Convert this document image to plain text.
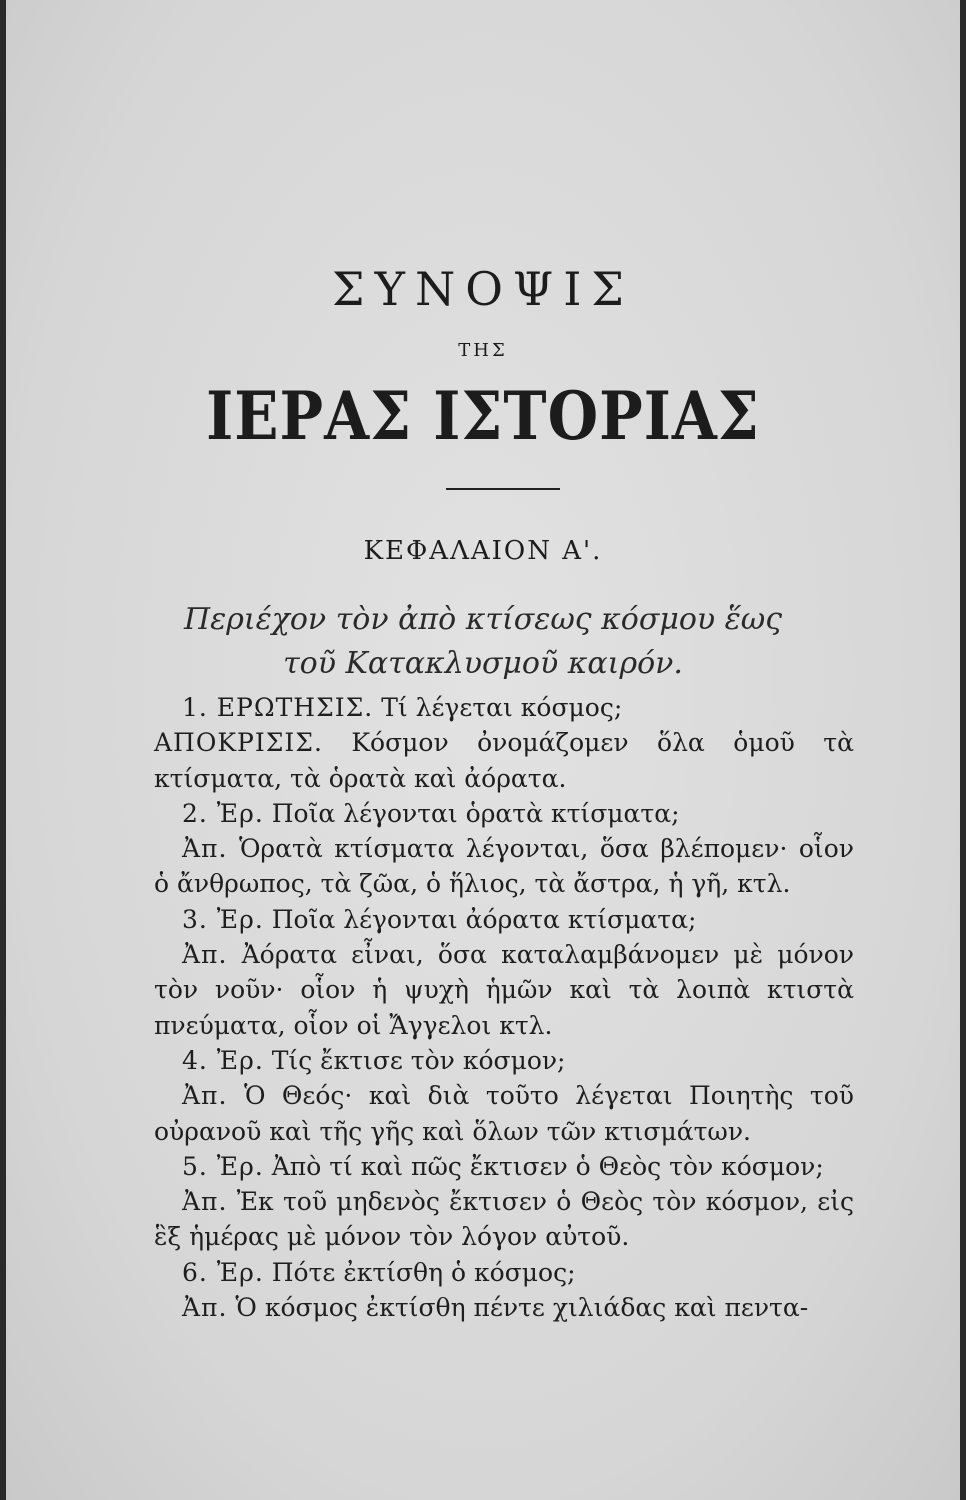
ΣΥΝΟΨΙΣ
ΤΗΣ
ΙΕΡΑΣ ΙΣΤΟΡΙΑΣ
ΚΕΦΑΛΑΙΟΝ Α'.
Περιέχον τὸν ἀπὸ κτίσεως κόσμου ἕως
τοῦ Κατακλυσμοῦ καιρόν.

1. ΕΡΩΤΗΣΙΣ. Τί λέγεται κόσμος;

ΑΠΟΚΡΙΣΙΣ. Κόσμον ὀνομάζομεν ὅλα ὁμοῦ τὰ κτίσματα, τὰ ὁρατὰ καὶ ἀόρατα.

2. Ἐρ. Ποῖα λέγονται ὁρατὰ κτίσματα;

Ἀπ. Ὁρατὰ κτίσματα λέγονται, ὅσα βλέπομεν· οἷον ὁ ἄνθρωπος, τὰ ζῶα, ὁ ἥλιος, τὰ ἄστρα, ἡ γῆ, κτλ.

3. Ἐρ. Ποῖα λέγονται ἀόρατα κτίσματα;

Ἀπ. Ἀόρατα εἶναι, ὅσα καταλαμβάνομεν μὲ μόνον τὸν νοῦν· οἷον ἡ ψυχὴ ἡμῶν καὶ τὰ λοιπὰ κτιστὰ πνεύματα, οἷον οἱ Ἄγγελοι κτλ.

4. Ἐρ. Τίς ἔκτισε τὸν κόσμον;

Ἀπ. Ὁ Θεός· καὶ διὰ τοῦτο λέγεται Ποιητὴς τοῦ οὐρανοῦ καὶ τῆς γῆς καὶ ὅλων τῶν κτισμάτων.

5. Ἐρ. Ἀπὸ τί καὶ πῶς ἔκτισεν ὁ Θεὸς τὸν κόσμον;

Ἀπ. Ἐκ τοῦ μηδενὸς ἔκτισεν ὁ Θεὸς τὸν κόσμον, εἰς ἓξ ἡμέρας μὲ μόνον τὸν λόγον αὐτοῦ.

6. Ἐρ. Πότε ἐκτίσθη ὁ κόσμος;

Ἀπ. Ὁ κόσμος ἐκτίσθη πέντε χιλιάδας καὶ πεντα-
